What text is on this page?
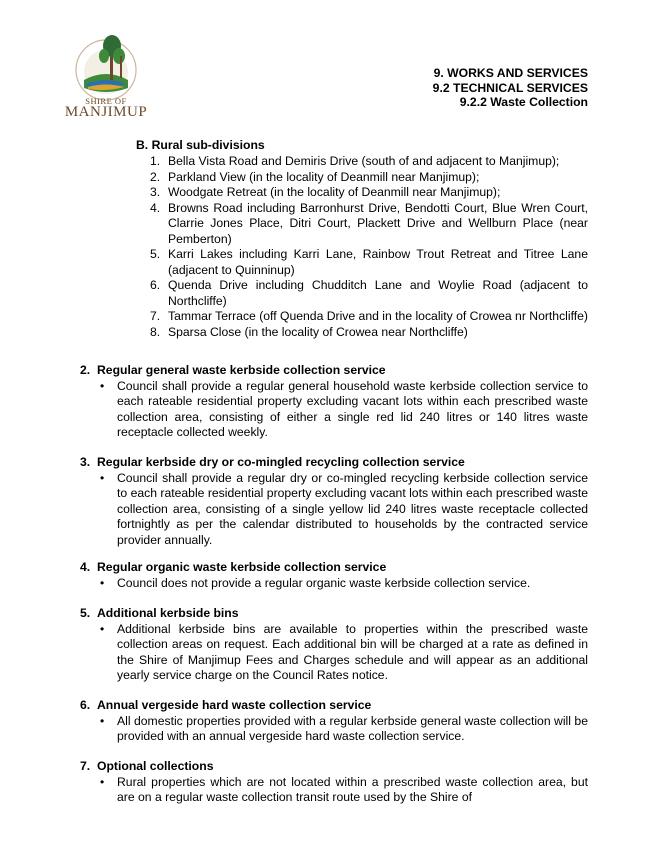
SHIRE OF
MANJIMUP
9. WORKS AND SERVICES
9.2 TECHNICAL SERVICES
9.2.2 Waste Collection
B. Rural sub-divisions
1. Bella Vista Road and Demiris Drive (south of and adjacent to Manjimup);
2. Parkland View (in the locality of Deanmill near Manjimup);
3. Woodgate Retreat (in the locality of Deanmill near Manjimup);
4. Browns Road including Barronhurst Drive, Bendotti Court, Blue Wren Court, Clarrie Jones Place, Ditri Court, Plackett Drive and Wellburn Place (near Pemberton)
5. Karri Lakes including Karri Lane, Rainbow Trout Retreat and Titree Lane (adjacent to Quinninup)
6. Quenda Drive including Chudditch Lane and Woylie Road (adjacent to Northcliffe)
7. Tammar Terrace (off Quenda Drive and in the locality of Crowea nr Northcliffe)
8. Sparsa Close (in the locality of Crowea near Northcliffe)
2. Regular general waste kerbside collection service
•	Council shall provide a regular general household waste kerbside collection service to each rateable residential property excluding vacant lots within each prescribed waste collection area, consisting of either a single red lid 240 litres or 140 litres waste receptacle collected weekly.
3. Regular kerbside dry or co-mingled recycling collection service
•	Council shall provide a regular dry or co-mingled recycling kerbside collection service to each rateable residential property excluding vacant lots within each prescribed waste collection area, consisting of a single yellow lid 240 litres waste receptacle collected fortnightly as per the calendar distributed to households by the contracted service provider annually.
4. Regular organic waste kerbside collection service
•	Council does not provide a regular organic waste kerbside collection service.
5. Additional kerbside bins
•	Additional kerbside bins are available to properties within the prescribed waste collection areas on request. Each additional bin will be charged at a rate as defined in the Shire of Manjimup Fees and Charges schedule and will appear as an additional yearly service charge on the Council Rates notice.
6. Annual vergeside hard waste collection service
•	All domestic properties provided with a regular kerbside general waste collection will be provided with an annual vergeside hard waste collection service.
7. Optional collections
•	Rural properties which are not located within a prescribed waste collection area, but are on a regular waste collection transit route used by the Shire of
